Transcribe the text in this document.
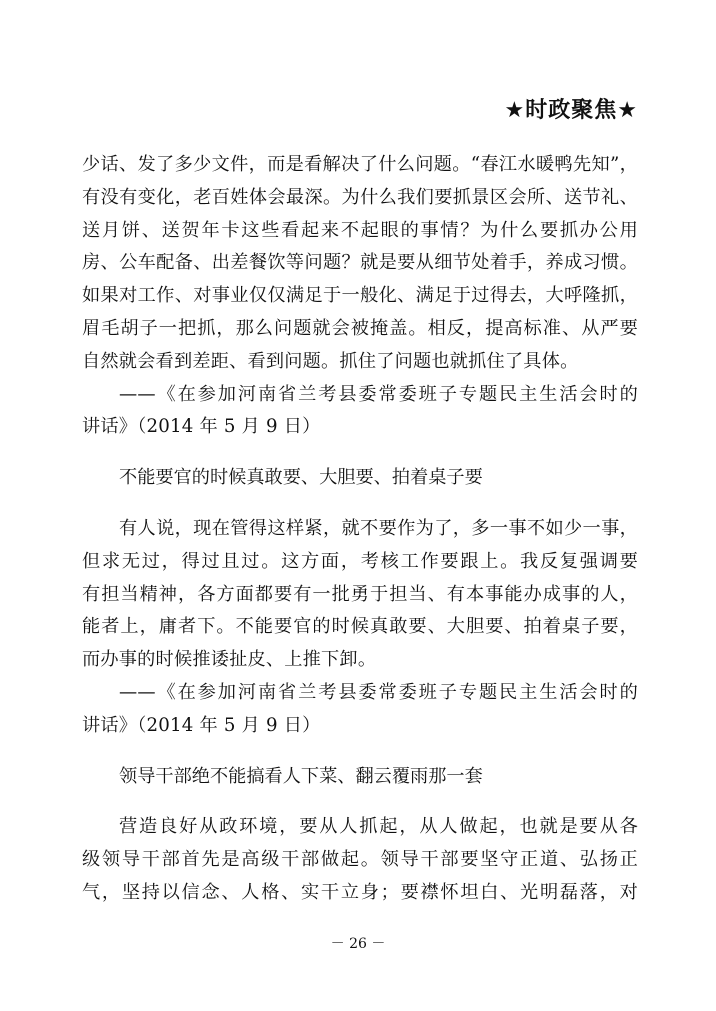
★时政聚焦★
少话、发了多少文件，而是看解决了什么问题。“春江水暖鸭先知”，
有没有变化，老百姓体会最深。为什么我们要抓景区会所、送节礼、
送月饼、送贺年卡这些看起来不起眼的事情？为什么要抓办公用
房、公车配备、出差餐饮等问题？就是要从细节处着手，养成习惯。
如果对工作、对事业仅仅满足于一般化、满足于过得去，大呼隆抓，
眉毛胡子一把抓，那么问题就会被掩盖。相反，提高标准、从严要
自然就会看到差距、看到问题。抓住了问题也就抓住了具体。
——《在参加河南省兰考县委常委班子专题民主生活会时的
讲话》（2014 年 5 月 9 日）
不能要官的时候真敢要、大胆要、拍着桌子要
有人说，现在管得这样紧，就不要作为了，多一事不如少一事，
但求无过，得过且过。这方面，考核工作要跟上。我反复强调要
有担当精神，各方面都要有一批勇于担当、有本事能办成事的人，
能者上，庸者下。不能要官的时候真敢要、大胆要、拍着桌子要，
而办事的时候推诿扯皮、上推下卸。
——《在参加河南省兰考县委常委班子专题民主生活会时的
讲话》（2014 年 5 月 9 日）
领导干部绝不能搞看人下菜、翻云覆雨那一套
营造良好从政环境，要从人抓起，从人做起，也就是要从各
级领导干部首先是高级干部做起。领导干部要坚守正道、弘扬正
气，坚持以信念、人格、实干立身；要襟怀坦白、光明磊落，对
－ 26 －
